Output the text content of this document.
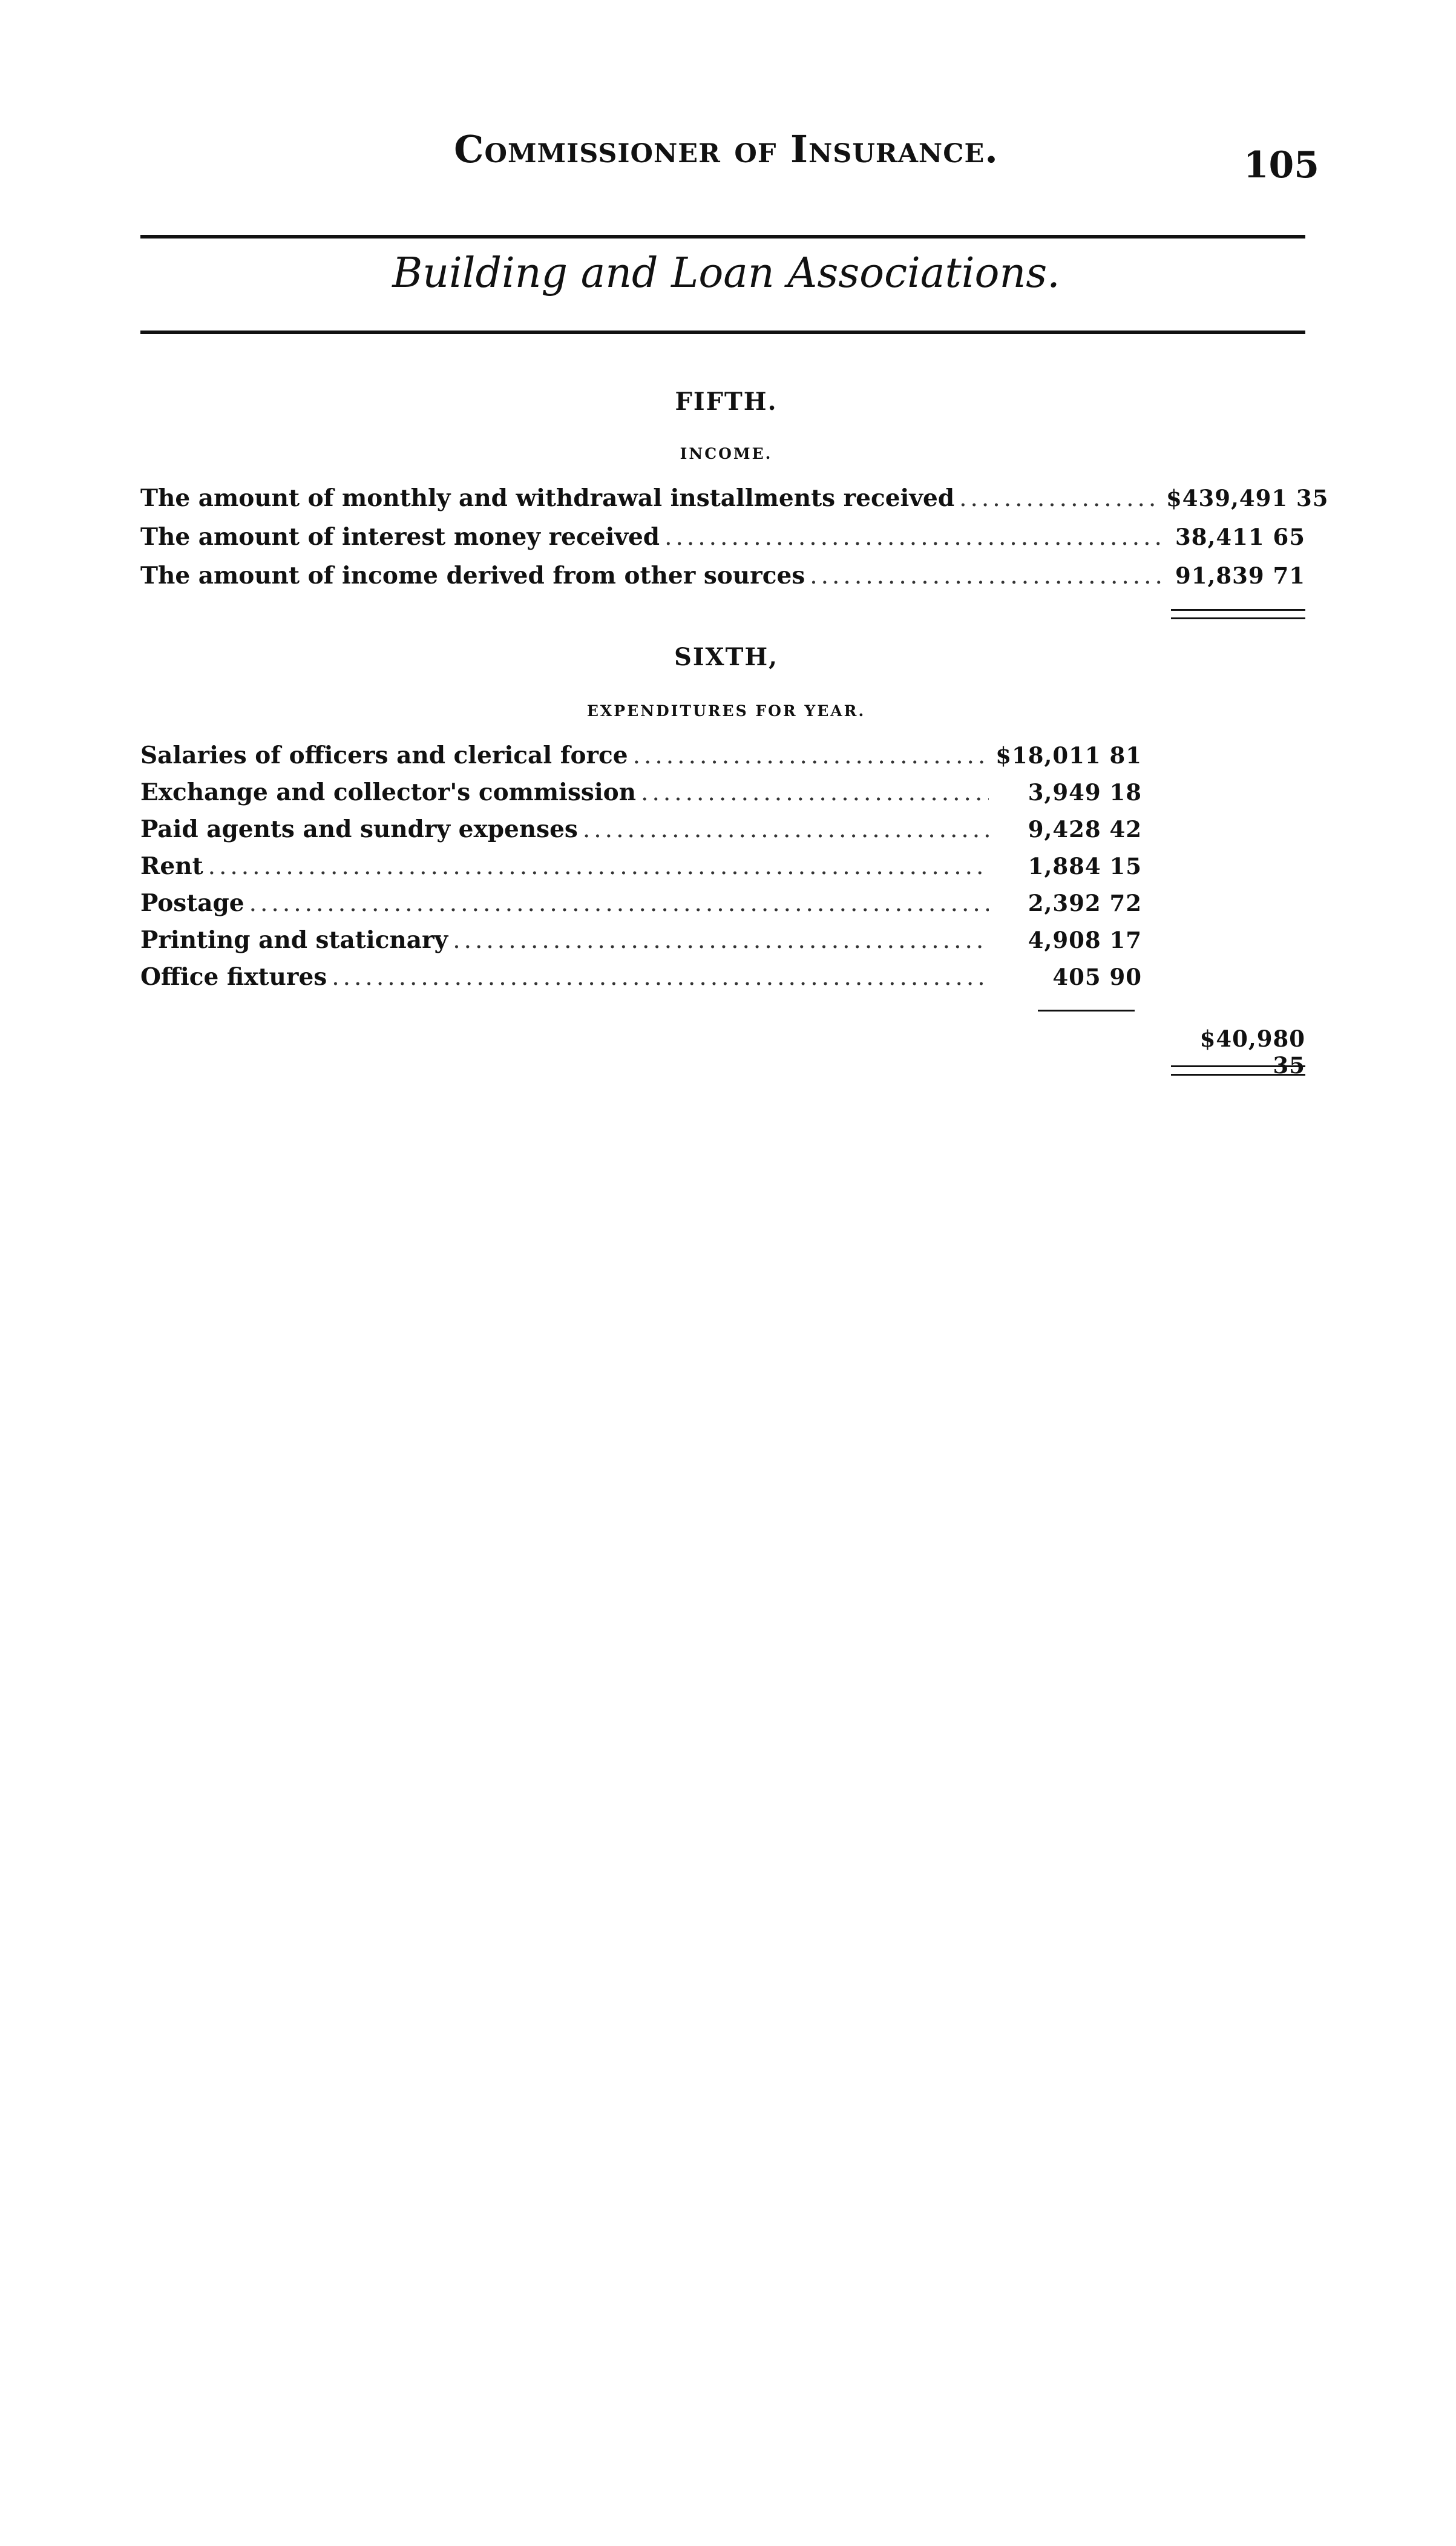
Commissioner of Insurance.	105
Building and Loan Associations.
FIFTH.
INCOME.
The amount of monthly and withdrawal installments received .....	$439,491 35
The amount of interest money received .....	38,411 65
The amount of income derived from other sources .....	91,839 71
SIXTH,
EXPENDITURES FOR YEAR.
Salaries of officers and clerical force .....	$18,011 81
Exchange and collector's commission .....	3,949 18
Paid agents and sundry expenses .....	9,428 42
Rent .....	1,884 15
Postage .....	2,392 72
Printing and staticnary .....	4,908 17
Office fixtures .....	405 90
$40,980 35
